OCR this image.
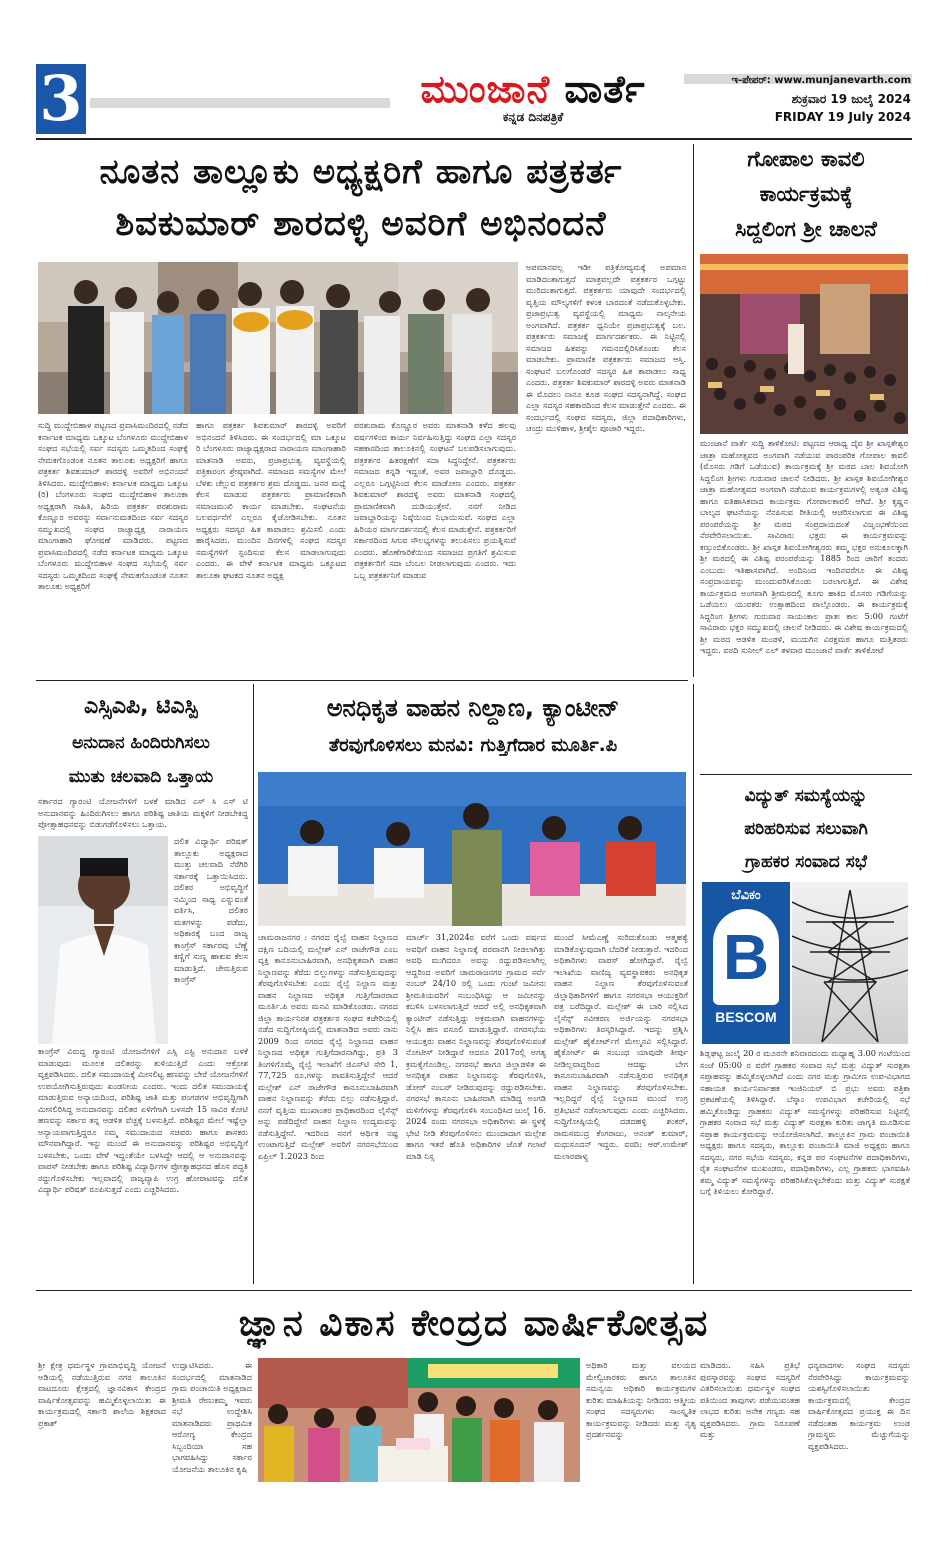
3	ಮುಂಜಾನೆ ವಾರ್ತೆ
ಕನ್ನಡ ದಿನಪತ್ರಿಕೆ
ಇ-ಪೇಪರ್: www.munjanevarth.com
ಶುಕ್ರವಾರ 19 ಜುಲೈ 2024
FRIDAY 19 July 2024
ನೂತನ ತಾಲ್ಲೂಕು ಅಧ್ಯಕ್ಷರಿಗೆ ಹಾಗೂ ಪತ್ರಕರ್ತ
ಶಿವಕುಮಾರ್ ಶಾರದಳ್ಳಿ ಅವರಿಗೆ ಅಭಿನಂದನೆ
ಸುದ್ದಿ ಮುದ್ದೇಬಿಹಾಳ ಪಟ್ಟಣದ ಪ್ರವಾಸಿಮಂದಿರದಲ್ಲಿ ನಡೆದ ಕರ್ನಾಟಕ ಮಾಧ್ಯಮ ಒಕ್ಕೂಟ ಬೆಂಗಳೂರು ಮುದ್ದೇಬಿಹಾಳ ಸಂಘದ ಸಭೆಯಲ್ಲಿ ಸರ್ವ ಸದಸ್ಯರು ಒಮ್ಮತದಿಂದ ಸಂಘಕ್ಕೆ ನೇಮಕಗೊಂಡಂತ ನೂತನ ತಾಲೂಕು ಅಧ್ಯಕ್ಷರಿಗೆ ಹಾಗೂ ಪತ್ರಕರ್ತ ಶಿವಕುಮಾರ್ ಶಾರದಳ್ಳಿ ಅವರಿಗೆ ಅಭಿನಂದನೆ ತಿಳಿಸಿದರು. ಮುದ್ದೇಬಿಹಾಳ: ಕರ್ನಾಟಕ ಮಾಧ್ಯಮ ಒಕ್ಕೂಟ (ರಿ) ಬೆಂಗಳೂರು ಸಂಘದ ಮುದ್ದೇಬಿಹಾಳ ತಾಲೂಕಾ ಅಧ್ಯಕ್ಷರಾಗಿ ಸಾಹಿತಿ, ಹಿರಿಯ ಪತ್ರಕರ್ತ ಪರಶುರಾಮ ಕೊಣ್ಣೂರ ಅವರನ್ನು ಸರ್ವಾನುಮತದಿಂದ ಸರ್ವ ಸದಸ್ಯರ ಸಮ್ಮುಖದಲ್ಲಿ ಸಂಘದ ರಾಜ್ಯಾಧ್ಯಕ್ಷ ನಾರಾಯಣ ಮಾಂಗಾಹಾರಿ ಘೋಷಣೆ ಮಾಡಿದರು. ಪಟ್ಟಣದ ಪ್ರವಾಸಿಮಂದಿರದಲ್ಲಿ ನಡೆದ ಕರ್ನಾಟಕ ಮಾಧ್ಯಮ ಒಕ್ಕೂಟ ಬೆಂಗಳೂರು ಮುದ್ದೇಬಿಹಾಳ ಸಂಘದ ಸಭೆಯಲ್ಲಿ ಸರ್ವ ಸದಸ್ಯರು ಒಮ್ಮತದಿಂದ ಸಂಘಕ್ಕೆ ನೇಮಕಗೊಂಡಂತ ನೂತನ ತಾಲೂಕು ಅಧ್ಯಕ್ಷರಿಗೆ
ಹಾಗೂ ಪತ್ರಕರ್ತ ಶಿವಕುಮಾರ್ ಶಾರದಳ್ಳಿ ಅವರಿಗೆ ಅಭಿನಂದನೆ ತಿಳಿಸಿದರು. ಈ ಸಂದರ್ಭದಲ್ಲಿ ಮಾ ಒಕ್ಕೂಟ ರಿ ಬೆಂಗಳೂರು ರಾಜ್ಯಾಧ್ಯಕ್ಷರಾದ ನಾರಾಯಣ ಮಾಂಗಾಹಾರಿ ಮಾತನಾಡಿ ಅವರು, ಪ್ರಜಾಪ್ರಭುತ್ವ ವ್ಯವಸ್ಥೆಯಲ್ಲಿ ಪತ್ರಿಕಾರಂಗ ಶ್ರೇಷ್ಠವಾಗಿದೆ. ಸಮಾಜದ ಸಮಸ್ಯೆಗಳ ಮೇಲೆ ಬೆಳಕು ಚೆಲ್ಲುವ ಪತ್ರಕರ್ತರ ಶ್ರಮ ದೊಡ್ಡದು. ಜನರ ಮಧ್ಯೆ ಕೆಲಸ ಮಾಡುವ ಪತ್ರಕರ್ತರು ಪ್ರಾಮಾಣಿಕವಾಗಿ ಸಮಾಜಮುಖಿ ಕಾರ್ಯ ಮಾಡಬೇಕು. ಸಂಘಟನೆಯ ಬಲವರ್ಧನೆಗೆ ಎಲ್ಲರೂ ಕೈಜೋಡಿಸಬೇಕು. ನೂತನ ಅಧ್ಯಕ್ಷರು ಸದಸ್ಯರ ಹಿತ ಕಾಪಾಡಲು ಶ್ರಮಿಸಲಿ ಎಂದು ಹಾರೈಸಿದರು. ಮುಂದಿನ ದಿನಗಳಲ್ಲಿ ಸಂಘದ ಸದಸ್ಯರ ಸಮಸ್ಯೆಗಳಿಗೆ ಸ್ಪಂದಿಸುವ ಕೆಲಸ ಮಾಡಲಾಗುವುದು ಎಂದರು. ಈ ವೇಳೆ ಕರ್ನಾಟಕ ಮಾಧ್ಯಮ ಒಕ್ಕೂಟದ ತಾಲೂಕಾ ಘಟಕದ ನೂತನ ಅಧ್ಯಕ್ಷ
ಪರಶುರಾಮ ಕೊಣ್ಣೂರ ಅವರು ಮಾತನಾಡಿ ಕಳೆದ ಹಲವು ವರ್ಷಗಳಿಂದ ಕಾರ್ಯ ನಿರ್ವಹಿಸುತ್ತಿದ್ದು ಸಂಘದ ಎಲ್ಲಾ ಸದಸ್ಯರ ಸಹಕಾರದಿಂದ ತಾಲೂಕಿನಲ್ಲಿ ಸಂಘಟನೆ ಬಲಪಡಿಸಲಾಗುವುದು. ಪತ್ರಕರ್ತರ ಹಿತರಕ್ಷಣೆಗೆ ಸದಾ ಸಿದ್ಧನಿದ್ದೇನೆ. ಪತ್ರಕರ್ತರು ಸಮಾಜದ ಕನ್ನಡಿ ಇದ್ದಂತೆ, ಅವರ ಜವಾಬ್ದಾರಿ ದೊಡ್ಡದು. ಎಲ್ಲರೂ ಒಗ್ಗಟ್ಟಿನಿಂದ ಕೆಲಸ ಮಾಡೋಣ ಎಂದರು. ಪತ್ರಕರ್ತ ಶಿವಕುಮಾರ್ ಶಾರದಳ್ಳಿ ಅವರು ಮಾತನಾಡಿ ಸಂಘದಲ್ಲಿ ಪ್ರಾಮಾಣಿಕವಾಗಿ ದುಡಿಯುತ್ತೇನೆ. ನನಗೆ ನೀಡಿದ ಜವಾಬ್ದಾರಿಯನ್ನು ನಿಷ್ಠೆಯಿಂದ ನಿಭಾಯಿಸುವೆ. ಸಂಘದ ಎಲ್ಲಾ ಹಿರಿಯರ ಮಾರ್ಗದರ್ಶನದಲ್ಲಿ ಕೆಲಸ ಮಾಡುತ್ತೇನೆ. ಪತ್ರಕರ್ತರಿಗೆ ಸರ್ಕಾರದಿಂದ ಸಿಗುವ ಸೌಲಭ್ಯಗಳನ್ನು ತಲುಪಿಸಲು ಪ್ರಯತ್ನಿಸುವೆ ಎಂದರು. ಹೊಣೆಗಾರಿಕೆಯಿಂದ ಸಮಾಜದ ಪ್ರಗತಿಗೆ ಶ್ರಮಿಸುವ ಪತ್ರಕರ್ತರಿಗೆ ಸದಾ ಬೆಂಬಲ ನೀಡಲಾಗುವುದು ಎಂದರು. ಇದು ಒಬ್ಬ ಪತ್ರಕರ್ತನಿಗೆ ಮಾಡುವ
ಅಪಮಾನವಲ್ಲ ಇಡೀ ಪತ್ರಿಕೋದ್ಯಮಕ್ಕೆ ಅಪಮಾನ ಮಾಡಿದಂತಾಗುತ್ತದೆ ಮಾತ್ರವಲ್ಲದೇ ಪತ್ರಕರ್ತರ ಒಗ್ಗಟ್ಟು ಮುರಿದಂತಾಗುತ್ತದೆ. ಪತ್ರಕರ್ತರು ಯಾವುದೇ ಸಂದರ್ಭದಲ್ಲಿ ವೃತ್ತಿಯ ಮೌಲ್ಯಗಳಿಗೆ ಕಳಂಕ ಬಾರದಂತೆ ನಡೆದುಕೊಳ್ಳಬೇಕು. ಪ್ರಜಾಪ್ರಭುತ್ವ ವ್ಯವಸ್ಥೆಯಲ್ಲಿ ಮಾಧ್ಯಮ ನಾಲ್ಕನೇಯ ಅಂಗವಾಗಿದೆ. ಪತ್ರಕರ್ತ ಧ್ವನಿಯೇ ಪ್ರಜಾಪ್ರಭುತ್ವಕ್ಕೆ ಬಲ. ಪತ್ರಕರ್ತರು ಸಮಾಜಕ್ಕೆ ಮಾರ್ಗದರ್ಶಕರು. ಈ ನಿಟ್ಟಿನಲ್ಲಿ ಸಮಾಜದ ಹಿತವನ್ನು ಗಮನದಲ್ಲಿರಿಸಿಕೊಂಡು ಕೆಲಸ ಮಾಡಬೇಕು. ಪ್ರಾಮಾಣಿಕ ಪತ್ರಕರ್ತರು ಸಮಾಜದ ಆಸ್ತಿ. ಸಂಘಟನೆ ಬಲಗೊಂಡರೆ ಸದಸ್ಯರ ಹಿತ ಕಾಪಾಡಲು ಸಾಧ್ಯ ಎಂದರು. ಪತ್ರಕರ್ತ ಶಿವಕುಮಾರ್ ಶಾರದಳ್ಳಿ ಅವರು ಮಾತನಾಡಿ ಈ ಮೊದಲು ನಾನೂ ಕೂಡ ಸಂಘದ ಸದಸ್ಯನಾಗಿದ್ದೆ. ಸಂಘದ ಎಲ್ಲಾ ಸದಸ್ಯರ ಸಹಕಾರದಿಂದ ಕೆಲಸ ಮಾಡುತ್ತೇನೆ ಎಂದರು. ಈ ಸಂದರ್ಭದಲ್ಲಿ ಸಂಘದ ಸದಸ್ಯರು, ಜಿಲ್ಲಾ ಪದಾಧಿಕಾರಿಗಳು, ಚಂದ್ರು ಮುಳಿಹಾಳ, ಶ್ರೀಶೈಲ ಪೂಜಾರಿ ಇದ್ದರು.
ಗೋಪಾಲ ಕಾವಲಿ
ಕಾರ್ಯಕ್ರಮಕ್ಕೆ
ಸಿದ್ದಲಿಂಗ ಶ್ರೀ ಚಾಲನೆ
ಮುಂಜಾನೆ ವಾರ್ತೆ ಸುದ್ದಿ ತಾಳಿಕೋಟಿ: ಪಟ್ಟಣದ ಆರಾಧ್ಯ ದೈವ ಶ್ರೀ ಖಾಸ್ಗತೇಶ್ವರ ಜಾತ್ರಾ ಮಹೋತ್ಸವದ ಅಂಗವಾಗಿ ನಡೆಯುವ ಪಾರಂಪರಿಕ ಗೋಪಾಲ ಕಾವಲಿ (ಮೊಸರು ಗಡಿಗೆ ಒಡೆಯುವ) ಕಾರ್ಯಕ್ರಮಕ್ಕೆ ಶ್ರೀ ಮಠದ ಬಾಲ ಶಿವಯೋಗಿ ಸಿದ್ದಲಿಂಗ ಶ್ರೀಗಳು ಗುರುವಾರ ಚಾಲನೆ ನೀಡಿದರು. ಶ್ರೀ ಖಾಸ್ಗತ ಶಿವಯೋಗೀಶ್ವರ ಜಾತ್ರಾ ಮಹೋತ್ಸವದ ಅಂಗವಾಗಿ ನಡೆಯುವ ಕಾರ್ಯಕ್ರಮಗಳಲ್ಲಿ ಅತ್ಯಂತ ವಿಶಿಷ್ಟ ಹಾಗೂ ಐತಿಹಾಸಿಕವಾದ ಕಾರ್ಯಕ್ರಮ ಗೋಪಾಲಕಾವಲಿ ಆಗಿದೆ. ಶ್ರೀ ಕೃಷ್ಣನ ಬಾಲ್ಯದ ಘಟನೆಯನ್ನು ನೆನಪಿಸುವ ರೀತಿಯಲ್ಲಿ ಆಚರಿಸಲಾಗುವ ಈ ವಿಶಿಷ್ಟ ಪರಂಪರೆಯನ್ನು ಶ್ರೀ ಮಠದ ಸಂಪ್ರದಾಯದಂತೆ ವಿಜೃಂಭಣೆಯಿಂದ ನೆರವೇರಿಸಲಾಯಿತು. ಸಾವಿರಾರು ಭಕ್ತರು ಈ ಕಾರ್ಯಕ್ರಮವನ್ನು ಕಣ್ತುಂಬಿಕೊಂಡರು. ಶ್ರೀ ಖಾಸ್ಗತ ಶಿವಯೋಗೀಶ್ವರರು ತಮ್ಮ ಭಕ್ತರ ಅನುಕೂಲಕ್ಕಾಗಿ ಶ್ರೀ ಮಠದಲ್ಲಿ ಈ ವಿಶಿಷ್ಟ ಪರಂಪರೆಯನ್ನು 1885 ರಿಂದ ಜಾರಿಗೆ ತಂದರು ಎಂಬುದು ಇತಿಹಾಸವಾಗಿದೆ. ಅಂದಿನಿಂದ ಇಂದಿನವರೆಗೂ ಈ ವಿಶಿಷ್ಟ ಸಂಪ್ರದಾಯವನ್ನು ಮುಂದುವರಿಸಿಕೊಂಡು ಬರಲಾಗುತ್ತಿದೆ. ಈ ವಿಶೇಷ ಕಾರ್ಯಕ್ರಮದ ಅಂಗವಾಗಿ ಶ್ರೀಮಠದಲ್ಲಿ ತೂಗು ಹಾಕಿದ ಮೊಸರು ಗಡಿಗೆಯನ್ನು ಒಡೆಯಲು ಯುವಕರು ಉತ್ಸಾಹದಿಂದ ಪಾಲ್ಗೊಂಡರು. ಈ ಕಾರ್ಯಕ್ರಮಕ್ಕೆ ಸಿದ್ಧರಿಂಗ ಶ್ರೀಗಳು ಗುರುವಾರ ಸಾಯಂಕಾಲ ಪ್ರಾತಃ ಕಾಲ 5:00 ಗಂಟೆಗೆ ಸಾವಿರಾರು ಭಕ್ತರ ಸಮ್ಮುಖದಲ್ಲಿ ಚಾಲನೆ ನೀಡಿದರು. ಈ ವಿಶೇಷ ಕಾರ್ಯಕ್ರಮದಲ್ಲಿ ಶ್ರೀ ಮಠದ ಆಡಳಿತ ಮಂಡಳಿ, ಮುದುಗಿನ ವಿರಕ್ತಮಠ ಹಾಗೂ ಮತ್ತಿತರರು ಇದ್ದರು. ವರದಿ ಸುನೀಲ್ ಎಲ್ ತಳವಾರ ಮುಂಜಾನೆ ವಾರ್ತೆ ತಾಳಿಕೋಟೆ
ಎಸ್ಸಿಎಪಿ, ಟಿಎಸ್ಪಿ
ಅನುದಾನ ಹಿಂದಿರುಗಿಸಲು
ಮುತು ಚಲವಾದಿ ಒತ್ತಾಯ
ಸರ್ಕಾರದ ಗ್ಯಾರಂಟಿ ಯೋಜನೆಗಳಿಗೆ ಬಳಕೆ ಮಾಡಿದ ಎಸ್ ಸಿ ಎಸ್ ಟಿ ಅನುದಾನವನ್ನು ಹಿಂದಿರುಗಿಸಲು ಹಾಗೂ ಪರಿಶಿಷ್ಟ ಜಾತಿಯ ಮಕ್ಕಳಿಗೆ ನೀಡಬೇಕಿದ್ದ ಪ್ರೋತ್ಸಾಹಧನವನ್ನು ಬಿಡುಗಡೆಗೊಳಿಸಲು ಒತ್ತಾಯ.
ದಲಿತ ವಿದ್ಯಾರ್ಥಿ ಪರಿಷತ್ ತಾಲ್ಲೂಕು ಅಧ್ಯಕ್ಷರಾದ ಮುತ್ತು ಚಲವಾದಿ ನೆರೆಗಿರಿ ಸರ್ಕಾರಕ್ಕೆ ಒತ್ತಾಯಿಸಿದರು. ದಲಿತರ ಅಭಿವೃದ್ಧಿಗೆ ನಮ್ಮಿಂದ ಸಾಧ್ಯ ಎನ್ನುವಂತೆ ವರ್ತಿಸಿ, ದಲಿತರ ಮತಗಳನ್ನು ಪಡೆದು, ಅಧಿಕಾರಕ್ಕೆ ಬಂದ ರಾಜ್ಯ ಕಾಂಗ್ರೆಸ್ ಸರ್ಕಾರವು ಬೆಣ್ಣೆ ಕಣ್ಣಿಗೆ ಸುಣ್ಣ ಹಾಕುವ ಕೆಲಸ ಮಾಡುತ್ತಿದೆ. ಚೇರುತ್ತಿರುವ ಕಾಂಗ್ರೆಸ್
ಕಾಂಗ್ರೆಸ್ ವಿರುದ್ಧ ಗ್ಯಾರಂಟಿ ಯೋಜನೆಗಳಿಗೆ ಎಸ್ಸಿ ಎಸ್ಟಿ ಅನುದಾನ ಬಳಕೆ ಮಾಡುವುದು ಮೂಲಕ ದಲಿತರನ್ನು ತುಳಿಯುತ್ತಿದೆ ಎಂದು ಆಕ್ರೋಶ ವ್ಯಕ್ತಪಡಿಸಿದರು. ದಲಿತ ಸಮುದಾಯಕ್ಕೆ ಮೀಸಲಿಟ್ಟ ಹಣವನ್ನು ಬೇರೆ ಯೋಜನೆಗಳಿಗೆ ಉಪಯೋಗಿಸುತ್ತಿರುವುದು ಖಂಡನೀಯ ಎಂದರು. ಇಂದು ದಲಿತ ಸಮುದಾಯಕ್ಕೆ ಮಾಡುತ್ತಿರುವ ಅನ್ಯಾಯದಿಂದ, ಪರಿಶಿಷ್ಟ ಜಾತಿ ಮತ್ತು ಪಂಗಡಗಳ ಅಭಿವೃದ್ಧಿಗಾಗಿ ಮೀಸಲಿರಿಸಿದ್ದ ಅನುದಾನವನ್ನು ದಲಿತರ ಏಳಿಗೆಗಾಗಿ ಬಳಸದೇ 15 ಸಾವಿರ ಕೋಟಿ ಹಣವನ್ನು ಸರ್ಕಾರ ತನ್ನ ಆಡಳಿತ ವೆಚ್ಚಕ್ಕೆ ಬಳಸುತ್ತಿದೆ. ಪರಿಶಿಷ್ಟರ ಮೇಲೆ ಇಷ್ಟೆಲ್ಲಾ ಅನ್ಯಾಯವಾಗುತ್ತಿದ್ದರೂ ನಮ್ಮ ಸಮುದಾಯದ ಸಚಿವರು ಹಾಗೂ ಶಾಸಕರು ಮೌನವಾಗಿದ್ದಾರೆ. ಇನ್ನು ಮುಂದೆ ಈ ಅನುದಾನವನ್ನು ಪರಿಶಿಷ್ಟರ ಅಭಿವೃದ್ಧಿಗೆ ಬಳಸಬೇಕು, ಒಂದು ವೇಳೆ ಇದ್ದಂತೆಯೇ ಬಳಸಿದ್ದೇ ಆದಲ್ಲಿ ಆ ಅನುದಾನವನ್ನು ವಾಪಸ್ ನೀಡಬೇಕು ಹಾಗೂ ಪರಿಶಿಷ್ಟ ವಿದ್ಯಾರ್ಥಿಗಳ ಪ್ರೋತ್ಸಾಹಧನದ ಹೊಸ ಪದ್ಧತಿ ರದ್ದುಗೊಳಿಸಬೇಕು ಇಲ್ಲವಾದಲ್ಲಿ ರಾಜ್ಯವ್ಯಾಪಿ ಉಗ್ರ ಹೋರಾಟವನ್ನು ದಲಿತ ವಿದ್ಯಾರ್ಥಿ ಪರಿಷತ್ ರೂಪಿಸುತ್ತದೆ ಎಂದು ಎಚ್ಚರಿಸಿದರು.
ಅನಧಿಕೃತ ವಾಹನ ನಿಲ್ದಾಣ, ಕ್ಯಾಂಟೀನ್
ತೆರವುಗೊಳಿಸಲು ಮನವಿ: ಗುತ್ತಿಗೆದಾರ ಮೂರ್ತಿ.ಪಿ
ಚಾಮರಾಜನಗರ : ನಗರದ ರೈಲ್ವೆ ವಾಹನ ನಿಲ್ದಾಣದ ದಕ್ಷಿಣ ಬದಿಯಲ್ಲಿ ಮಲ್ಲೇಶ್ ಎನ್ ರಾಜೇಗೌಡ ಎಂಬ ವ್ಯಕ್ತಿ ಕಾನೂನುಬಾಹಿರವಾಗಿ, ಅನಧಿಕೃತವಾಗಿ ವಾಹನ ನಿಲ್ದಾಣವನ್ನು ತೆರೆದು ಬಿಲ್ಲುಗಳನ್ನು ನಡೆಸುತ್ತಿರುವುದನ್ನು ತೆರವುಗೊಳಿಸಬೇಕು ಎಂದು ರೈಲ್ವೆ ನಿಲ್ದಾಣ ಮತ್ತು ವಾಹನ ನಿಲ್ದಾಣದ ಅಧಿಕೃತ ಗುತ್ತಿಗೆದಾರರಾದ ಮೂರ್ತಿ.ಪಿ ಅವರು ಮನವಿ ಮಾಡಿಕೊಂಡರು. ನಗರದ ಜಿಲ್ಲಾ ಕಾರ್ಯನಿರತ ಪತ್ರಕರ್ತರ ಸಂಘದ ಕಚೇರಿಯಲ್ಲಿ ನಡೆದ ಸುದ್ದಿಗೋಷ್ಠಿಯಲ್ಲಿ ಮಾತನಾಡಿದ ಅವರು ನಾನು 2009 ರಿಂದ ನಗರದ ರೈಲ್ವೆ ನಿಲ್ದಾಣದ ವಾಹನ ನಿಲ್ದಾಣದ ಅಧಿಕೃತ ಗುತ್ತಿಗೆದಾರನಾಗಿದ್ದು, ಪ್ರತಿ 3 ತಿಂಗಳಿಗೊಮ್ಮೆ ರೈಲ್ವೆ ಇಲಾಖೆಗೆ ಜಿಎಸ್‌ಟಿ ಸೇರಿ 1, 77,725 ರೂ.ಗಳನ್ನು ಪಾವತಿಸುತ್ತಿದ್ದೇನೆ ಆದರೆ ಮಲ್ಲೇಶ್ ಎನ್ ರಾಜೇಗೌಡ ಕಾನೂನುಬಾಹಿರವಾಗಿ ವಾಹನ ನಿಲ್ದಾಣವನ್ನು ತೆರೆದು ಬಿಲ್ಲು ನಡೆಸುತ್ತಿದ್ದಾರೆ. ನನಗೆ ವೃತ್ತಿಯ ಮುಖಾಂತರ ಪ್ರಾಧಿಕಾರದಿಂದ ಲೈಸೆನ್ಸ್ ಅನ್ನು ಪಡೆದಿದ್ದೇನೆ ವಾಹನ ನಿಲ್ದಾಣ ಉದ್ಯಮವನ್ನು ನಡೆಸುತ್ತಿದ್ದೇನೆ. ಇದರಿಂದ ನನಗೆ ಆರ್ಥಿಕ ನಷ್ಟ ಉಂಟಾಗುತ್ತಿದೆ ಮಲ್ಲೇಶ್ ಅವರಿಗೆ ನಗರಸಭೆಯಿಂದ ಏಪ್ರಿಲ್ 1.2023 ರಿಂದ
ಮಾರ್ಚ್ 31,2024ರ ವರೆಗೆ ಒಂದು ವರ್ಷದ ಅವಧಿಗೆ ವಾಹನ ನಿಲ್ದಾಣಕ್ಕೆ ಪರವಾನಗಿ ನೀಡಲಾಗಿತ್ತು ಅವಧಿ ಮುಗಿದರೂ ಅವನ್ನು ರದ್ದುಪಡಿಸಲಾಗಿಲ್ಲ ಆದ್ದರಿಂದ ಅವರಿಗೆ ಚಾಮರಾಜನಗರ ಗ್ರಾಮದ ಸರ್ವೆ ನಂಬರ್ 24/10 ರಲ್ಲಿ ಒಂದು ಗುಂಟೆ ಜಮೀನು ಶ್ರೀಮತಿಯವರಿಗೆ ಸಂಬಂಧಿಸಿದ್ದು ಆ ಜಮೀನನ್ನು ಕಬಳಿಸಿ ಬಳಸಲಾಗುತ್ತಿದೆ ಆದರೆ ಅಲ್ಲಿ ಅನಧಿಕೃತವಾಗಿ ಕ್ಯಾಂಟೀನ್ ನಡೆಸುತ್ತಿದ್ದು ಅಕ್ರಮವಾಗಿ ವಾಹನಗಳನ್ನು ನಿಲ್ಲಿಸಿ ಹಣ ವಸೂಲಿ ಮಾಡುತ್ತಿದ್ದಾರೆ. ನಗರಸಭೆಯ ಆಯುಕ್ತರು ವಾಹನ ನಿಲ್ದಾಣವನ್ನು ತೆರವುಗೊಳಿಸುವಂತೆ ನೋಟೀಸ್ ನೀಡಿದ್ದಾರೆ ಆದರೂ 2017ರಲ್ಲಿ ಅಗತ್ಯ ಕ್ರಮಕೈಗೊಂಡಿಲ್ಲ. ನಗರಸಭೆ ಹಾಗೂ ಜಿಲ್ಲಾಡಳಿತ ಈ ಅನಧಿಕೃತ ವಾಹನ ನಿಲ್ದಾಣವನ್ನು ತೆರವುಗೊಳಿಸಿ, ಡೋರ್ ನಂಬರ್ ನೀಡಿರುವುದನ್ನು ರದ್ದುಪಡಿಸಬೇಕು. ನಗರಸಭೆ ಕಾನೂನು ಬಾಹಿರವಾಗಿ ಮಾಡಿದ್ದ ಅಂಗಡಿ ಮಳಿಗೆಗಳನ್ನು ತೆರವುಗೊಳಿಸಿ ಸಂಬಂಧಿಸಿದ ಜುಲೈ 16. 2024 ರಂದು ನಗರಸಭಾ ಅಧಿಕಾರಿಗಳು ಈ ಸ್ಥಳಕ್ಕೆ ಭೇಟಿ ನೀಡಿ ತೆರವುಗೊಳಿಸಲು ಮುಂದಾದಾಗ ಮಲ್ಲೇಶ ಹಾಗೂ ಇತರೆ ಹೊತಿ ಅಧಿಕಾರಿಗಳ ಜೊತೆ ಗಲಾಟೆ ಮಾಡಿ ನಿಸ್ಸ
ಮುಂದೆ ಸೀಮೆಎಣ್ಣೆ ಸುರಿದುಕೊಂಡು ಆತ್ಮಹತ್ಯೆ ಮಾಡಿಕೊಳ್ಳುವುದಾಗಿ ಬೆದರಿಕೆ ನೀಡುತ್ತಾರೆ. ಇದರಿಂದ ಅಧಿಕಾರಿಗಳು ವಾಪಸ್ ಹೋಗಿದ್ದಾರೆ. ರೈಲ್ವೆ ಇಲಾಖೆಯ ವಾಣಿಜ್ಯ ವ್ಯವಸ್ಥಾಪಕರು ಅನಧಿಕೃತ ವಾಹನ ನಿಲ್ದಾಣ ತೆರವುಗೊಳಿಸುವಂತೆ ಜಿಲ್ಲಾಧಿಕಾರಿಗಳಿಗೆ ಹಾಗೂ ನಗರಸಭಾ ಆಯುಕ್ತರಿಗೆ ಪತ್ರ ಬರೆದಿದ್ದಾರೆ. ಮಲ್ಲೇಶ್ ಈ ಬಾರಿ ಸಲ್ಲಿಸಿದ ಲೈಸೆನ್ಸ್ ನವೀಕರಣ ಅರ್ಜಿಯನ್ನು ನಗರಸಭಾ ಅಧಿಕಾರಿಗಳು ತಿರಸ್ಕರಿಸಿದ್ದಾರೆ. ಇದನ್ನು ಪ್ರಶ್ನಿಸಿ ಮಲ್ಲೇಶ್ ಹೈಕೋರ್ಟ್‌ಗೆ ಮೇಲ್ಮನವಿ ಸಲ್ಲಿಸಿದ್ದಾರೆ. ಹೈಕೋರ್ಟ್ ಈ ಸಂಬಂಧ ಯಾವುದೇ ತೀರ್ಪು ನೀಡಿಲ್ಲವಾದ್ದರಿಂದ ಆದಷ್ಟು ಬೇಗ ಕಾನೂನುಬಾಹಿರವಾಗಿ ನಡೆಸುತ್ತಿರುವ ಅನಧಿಕೃತ ವಾಹನ ನಿಲ್ದಾಣವನ್ನು ತೆರವುಗೊಳಿಸಬೇಕು. ಇಲ್ಲದಿದ್ದರೆ ರೈಲ್ವೆ ನಿಲ್ದಾಣದ ಮುಂದೆ ಉಗ್ರ ಪ್ರತಿಭಟನೆ ನಡೆಸಲಾಗುವುದು ಎಂದು ಎಚ್ಚರಿಸಿದರು. ಸುದ್ದಿಗೋಷ್ಠಿಯಲ್ಲಿ ದಡದಹಳ್ಳಿ ಶಂಕರ್, ರಾಮಸಮುದ್ರ ಕೆಂಗರಾಜು, ಅನಂತ್ ಕುಮಾರ್, ಮಧುಸೂದನ್ ಇದ್ದರು. ವರದಿ: ಆರ್.ಉಮೇಶ್ ಮಲಾರಪಾಳ್ಯ
ವಿದ್ಯುತ್ ಸಮಸ್ಯೆಯನ್ನು
ಪರಿಹರಿಸುವ ಸಲುವಾಗಿ
ಗ್ರಾಹಕರ ಸಂವಾದ ಸಭೆ
ಬೆವಿಕಂ
B
BESCOM
ಶಿಡ್ಲಘಟ್ಟ ಜುಲೈ 20 ರ ಮೂರನೇ ಶನಿವಾರದಂದು ಮಧ್ಯಾಹ್ನ 3.00 ಗಂಟೆಯಿಂದ ಸಂಜೆ 05:00 ರ ವರೆಗೆ ಗ್ರಾಹಕರ ಸಂವಾದ ಸಭೆ ಮತ್ತು ವಿದ್ಯುತ್ ಸುರಕ್ಷತಾ ಸಪ್ತಾಹವನ್ನು ಹಮ್ಮಿಕೊಳ್ಳಲಾಗಿದೆ ಎಂದು ನಗರ ಮತ್ತು ಗ್ರಾಮೀಣ ಉಪ-ವಿಭಾಗದ ಸಹಾಯಕ ಕಾರ್ಯನಿರ್ವಾಹಕ ಇಂಜಿನಿಯರ್ ಬಿ ಪ್ರಭು ಅವರು ಪತ್ರಿಕಾ ಪ್ರಕಟಣೆಯಲ್ಲಿ ತಿಳಿಸಿದ್ದಾರೆ. ಬೆಸ್ಕಾಂ ಉಪವಿಭಾಗ ಕಚೇರಿಯಲ್ಲಿ ಸಭೆ ಹಮ್ಮಿಕೊಂಡಿದ್ದು ಗ್ರಾಹಕರು ವಿದ್ಯುತ್ ಸಮಸ್ಯೆಗಳನ್ನು ಪರಿಹರಿಸುವ ನಿಟ್ಟಿನಲ್ಲಿ ಗ್ರಾಹಕರ ಸಂವಾದ ಸಭೆ ಮತ್ತು ವಿದ್ಯುತ್ ಸುರಕ್ಷತಾ ಕುರಿತು ಜಾಗೃತಿ ಮೂಡಿಸುವ ಸಪ್ತಾಹ ಕಾರ್ಯಕ್ರಮವನ್ನು ಆಯೋಜಿಸಲಾಗಿದೆ. ತಾಲ್ಲೂಕಿನ ಗ್ರಾಮ ಪಂಚಾಯಿತಿ ಅಧ್ಯಕ್ಷರು ಹಾಗೂ ಸದಸ್ಯರು, ತಾಲ್ಲೂಕು ಪಂಚಾಯಿತಿ ಮಾಜಿ ಅಧ್ಯಕ್ಷರು ಹಾಗೂ ಸದಸ್ಯರು, ನಗರ ಸಭೆಯ ಸದಸ್ಯರು, ಕನ್ನಡ ಪರ ಸಂಘಟನೆಗಳ ಪದಾಧಿಕಾರಿಗಳು, ರೈತ ಸಂಘಟನೆಗಳ ಮುಖಂಡರು, ಪದಾಧಿಕಾರಿಗಳು, ಎಲ್ಲ ಗ್ರಾಹಕರು ಭಾಗವಹಿಸಿ ತಮ್ಮ ವಿದ್ಯುತ್ ಸಮಸ್ಯೆಗಳನ್ನು ಪರಿಹರಿಸಿಕೊಳ್ಳಬೇಕೆಂದು ಮತ್ತು ವಿದ್ಯುತ್ ಸುರಕ್ಷತೆ ಬಗ್ಗೆ ತಿಳಿಯಲು ಕೋರಿದ್ದಾರೆ.
ಜ್ಞಾನ ವಿಕಾಸ ಕೇಂದ್ರದ ವಾರ್ಷಿಕೋತ್ಸವ
ಶ್ರೀ ಕ್ಷೇತ್ರ ಧರ್ಮಸ್ಥಳ ಗ್ರಾಮಾಭಿವೃದ್ಧಿ ಯೋಜನೆ ಅಡಿಯಲ್ಲಿ ನಡೆಯುತ್ತಿರುವ ನಗರ ತಾಲೂಕಿನ ವಾಟದೂರು ಕ್ಷೇತ್ರದಲ್ಲಿ ಜ್ಞಾನವಿಕಾಸ ಕೇಂದ್ರದ ವಾರ್ಷಿಕೋತ್ಸವವನ್ನು ಹಮ್ಮಿಕೊಳ್ಳಲಾಯಿತು ಈ ಕಾರ್ಯಕ್ರಮದಲ್ಲಿ ಸರ್ಕಾರಿ ಶಾಲೆಯ ಶಿಕ್ಷಕರಾದ ಪ್ರಕಾಶ್
ಉದ್ಘಾಟಿಸಿದರು. ಈ ಸಂದರ್ಭದಲ್ಲಿ ಮಾತನಾಡಿದ ಗ್ರಾಮ ಪಂಚಾಯಿತಿ ಅಧ್ಯಕ್ಷರಾದ ಶ್ರೀಮತಿ ರೇಣುಕಮ್ಮ ಇವರು ಸಭೆ ಉದ್ದೇಶಿಸಿ ಮಾತನಾಡಿದರು ಪ್ರಾಥಮಿಕ ಆರೋಗ್ಯ ಕೇಂದ್ರದ ಸಿಬ್ಬಂದಿಯಾ ಸಹ ಭಾಗವಹಿಸಿದ್ದು ಸರ್ಕಾರ ಯೋಜನೆಯ ತಾಲೂಕಿನ ಕೃಷಿ
ಅಧಿಕಾರಿ ಮತ್ತು ವಲಯದ ಮೇಲ್ವಿಚಾರಕರು ಹಾಗೂ ತಾಲೂಕಿನ ಸಮನ್ವಯ ಅಧಿಕಾರಿ ಕಾರ್ಯಕ್ರಮಗಳ ಕುರಿತು ಮಾಹಿತಿಯನ್ನು ನೀಡಿದರು ಆತ್ಮೀಯ ಸಂಘದ ಸದಸ್ಯರುಗಳು ಸಾಂಸ್ಕೃತಿಕ ಕಾರ್ಯಕ್ರಮವನ್ನು ನೀಡಿದರು ಮತ್ತು ನೃತ್ಯ ಪ್ರದರ್ಶನವನ್ನು
ಮಾಡಿದರು. ಸಹಿಸಿ ಪ್ರತಿಭೆ ಪುರಸ್ಕಾರವನ್ನು ಸಂಘದ ಸದಸ್ಯರಿಗೆ ವಿತರಿಸಲಾಯಿತು ಧರ್ಮಸ್ಥಳ ಸಂಘದ ಪತಿಯಿಂದ ತಾವುಗಳು ಪಡೆಯುವಂತಹ ಲಾಭದ ಕುರಿತು ಅನೇಕ ಗಣ್ಯರು ಸಹ ವ್ಯಕ್ತಪಡಿಸಿದರು. ಗ್ರಾಮ ನಿರೂಪಣೆ ಮತ್ತು
ಧನ್ಯವಾದಗಳು ಸಂಘದ ಸದಸ್ಯರು ನೆರವೇರಿಸಿದ್ದು ಕಾರ್ಯಕ್ರಮವನ್ನು ಯಶಸ್ವಿಗೊಳಿಸಲಾಯಿತು ಕಾರ್ಯಕ್ರಮದಲ್ಲಿ ಕೇಂದ್ರದ ವಾರ್ಷಿಕೋತ್ಸವದ ಪ್ರಯುಕ್ತ ಈ ದಿನ ನಡೆದಂತಹ ಕಾರ್ಯಕ್ರಮ ಉಂಡ ಗ್ರಾಮಸ್ಥರು ಮೆಚ್ಚುಗೆಯನ್ನು ವ್ಯಕ್ತಪಡಿಸಿದರು.
